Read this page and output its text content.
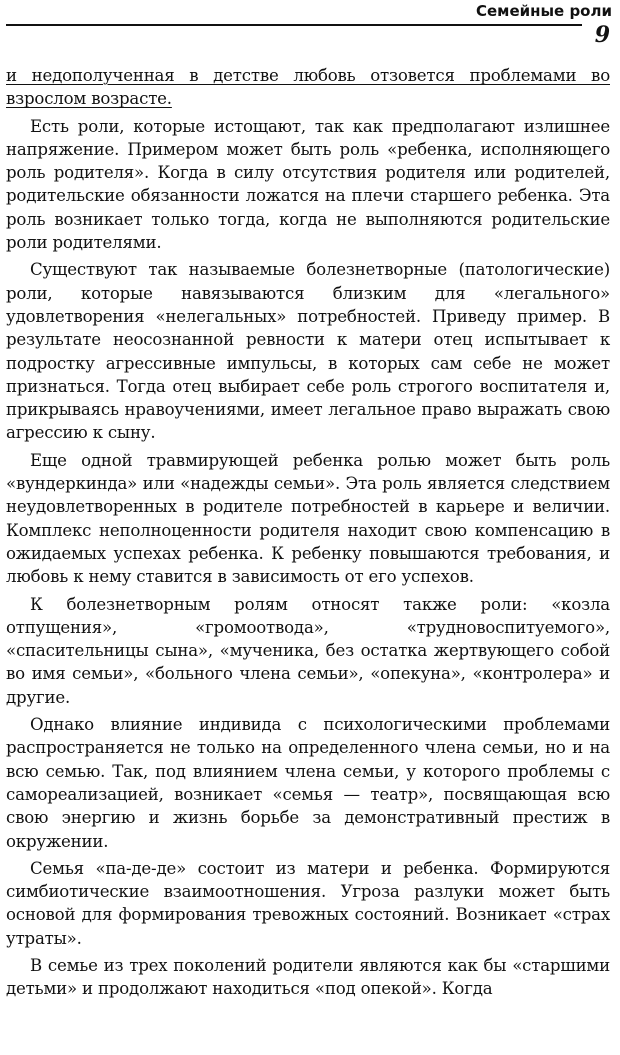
Семейные роли
9

и недополученная в детстве любовь отзовется проблемами во взрослом возрасте.

Есть роли, которые истощают, так как предполагают излишнее напряжение. Примером может быть роль «ребенка, исполняющего роль родителя». Когда в силу отсутствия родителя или родителей, родительские обязанности ложатся на плечи старшего ребенка. Эта роль возникает только тогда, когда не выполняются родительские роли родителями.

Существуют так называемые болезнетворные (патологические) роли, которые навязываются близким для «легального» удовлетворения «нелегальных» потребностей. Приведу пример. В результате неосознанной ревности к матери отец испытывает к подростку агрессивные импульсы, в которых сам себе не может признаться. Тогда отец выбирает себе роль строгого воспитателя и, прикрываясь нравоучениями, имеет легальное право выражать свою агрессию к сыну.

Еще одной травмирующей ребенка ролью может быть роль «вундеркинда» или «надежды семьи». Эта роль является следствием неудовлетворенных в родителе потребностей в карьере и величии. Комплекс неполноценности родителя находит свою компенсацию в ожидаемых успехах ребенка. К ребенку повышаются требования, и любовь к нему ставится в зависимость от его успехов.

К болезнетворным ролям относят также роли: «козла отпущения», «громоотвода», «трудновоспитуемого», «спасительницы сына», «мученика, без остатка жертвующего собой во имя семьи», «больного члена семьи», «опекуна», «контролера» и другие.

Однако влияние индивида с психологическими проблемами распространяется не только на определенного члена семьи, но и на всю семью. Так, под влиянием члена семьи, у которого проблемы с самореализацией, возникает «семья — театр», посвящающая всю свою энергию и жизнь борьбе за демонстративный престиж в окружении.

Семья «па-де-де» состоит из матери и ребенка. Формируются симбиотические взаимоотношения. Угроза разлуки может быть основой для формирования тревожных состояний. Возникает «страх утраты».

В семье из трех поколений родители являются как бы «старшими детьми» и продолжают находиться «под опекой». Когда
